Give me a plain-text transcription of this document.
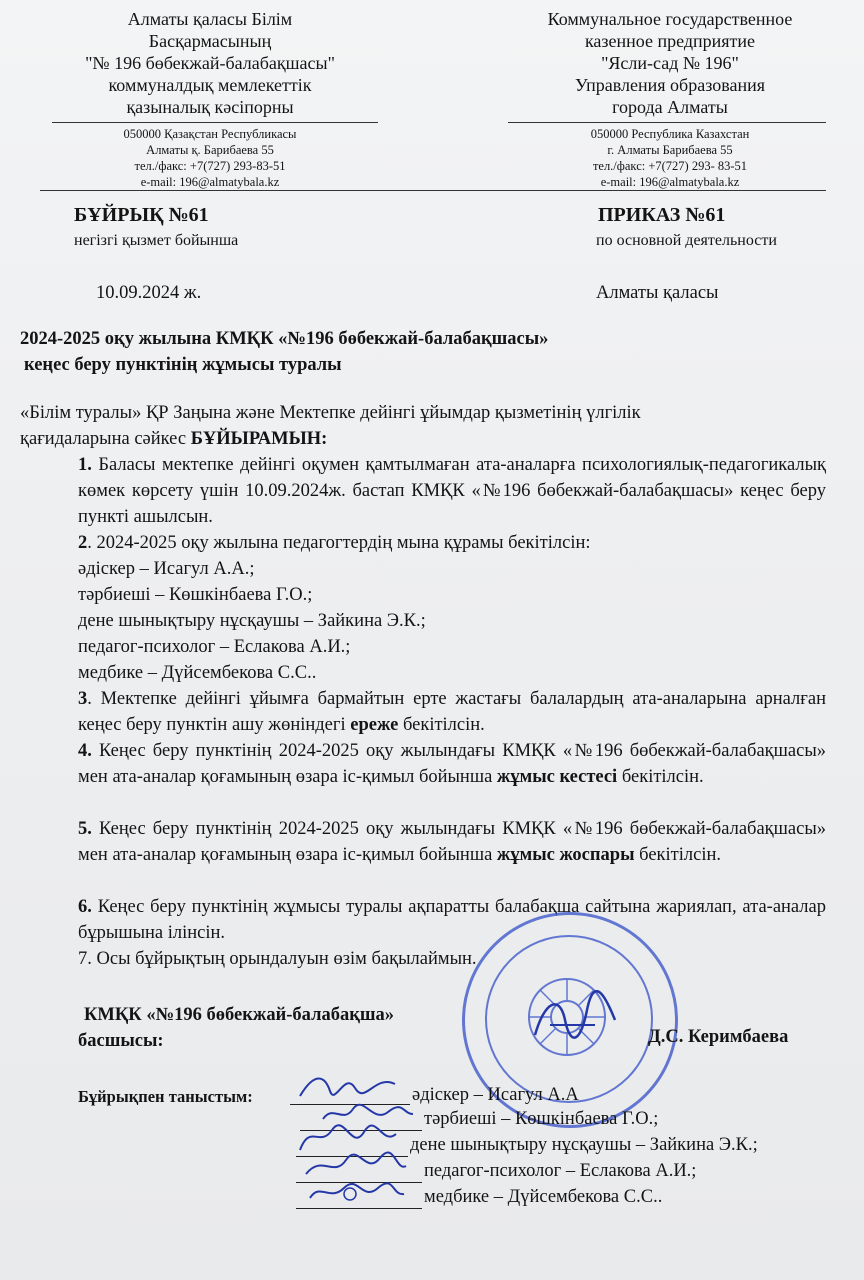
Алматы қаласы Білім
Басқармасының
"№ 196 бөбекжай-балабақшасы"
коммуналдық мемлекеттік
қазыналық кәсіпорны
Коммунальное государственное
казенное предприятие
"Ясли-сад № 196"
Управления образования
города Алматы
050000 Қазақстан Республикасы
Алматы қ. Барибаева 55
тел./факс: +7(727) 293-83-51
e-mail: 196@almatybala.kz
050000 Республика Казахстан
г. Алматы Барибаева 55
тел./факс: +7(727) 293- 83-51
e-mail: 196@almatybala.kz
БҰЙРЫҚ №61
негізгі қызмет бойынша
ПРИКАЗ №61
по основной деятельности
10.09.2024 ж.	Алматы қаласы
2024-2025 оқу жылына КМҚК «№196 бөбекжай-балабақшасы»
кеңес беру пунктінің жұмысы туралы
«Білім туралы» ҚР Заңына және Мектепке дейінгі ұйымдар қызметінің үлгілік
қағидаларына сәйкес БҰЙЫРАМЫН:
1. Баласы мектепке дейінгі оқумен қамтылмаған ата-аналарға психологиялық-педагогикалық көмек көрсету үшін 10.09.2024ж. бастап КМҚК «№196 бөбекжай-балабақшасы» кеңес беру пункті ашылсын.
2. 2024-2025 оқу жылына педагогтердің мына құрамы бекітілсін:
әдіскер – Исагул А.А.;
тәрбиеші – Көшкінбаева Г.О.;
дене шынықтыру нұсқаушы – Зайкина Э.К.;
педагог-психолог – Еслакова А.И.;
медбике – Дүйсембекова С.С..
3. Мектепке дейінгі ұйымға бармайтын ерте жастағы балалардың ата-аналарына арналған кеңес беру пунктін ашу жөніндегі ереже бекітілсін.
4. Кеңес беру пунктінің 2024-2025 оқу жылындағы КМҚК «№196 бөбекжай-балабақшасы» мен ата-аналар қоғамының өзара іс-қимыл бойынша жұмыс кестесі бекітілсін.
5. Кеңес беру пунктінің 2024-2025 оқу жылындағы КМҚК «№196 бөбекжай-балабақшасы» мен ата-аналар қоғамының өзара іс-қимыл бойынша жұмыс жоспары бекітілсін.
6. Кеңес беру пунктінің жұмысы туралы ақпаратты балабақша сайтына жариялап, ата-аналар бұрышына ілінсін.
7. Осы бұйрықтың орындалуын өзім бақылаймын.
КМҚК «№196 бөбекжай-балабақша»
басшысы:	Д.С. Керимбаева
Бұйрықпен таныстым:	әдіскер – Исагул А.А
тәрбиеші – Көшкінбаева Г.О.;
дене шынықтыру нұсқаушы – Зайкина Э.К.;
педагог-психолог – Еслакова А.И.;
медбике – Дүйсембекова С.С..
